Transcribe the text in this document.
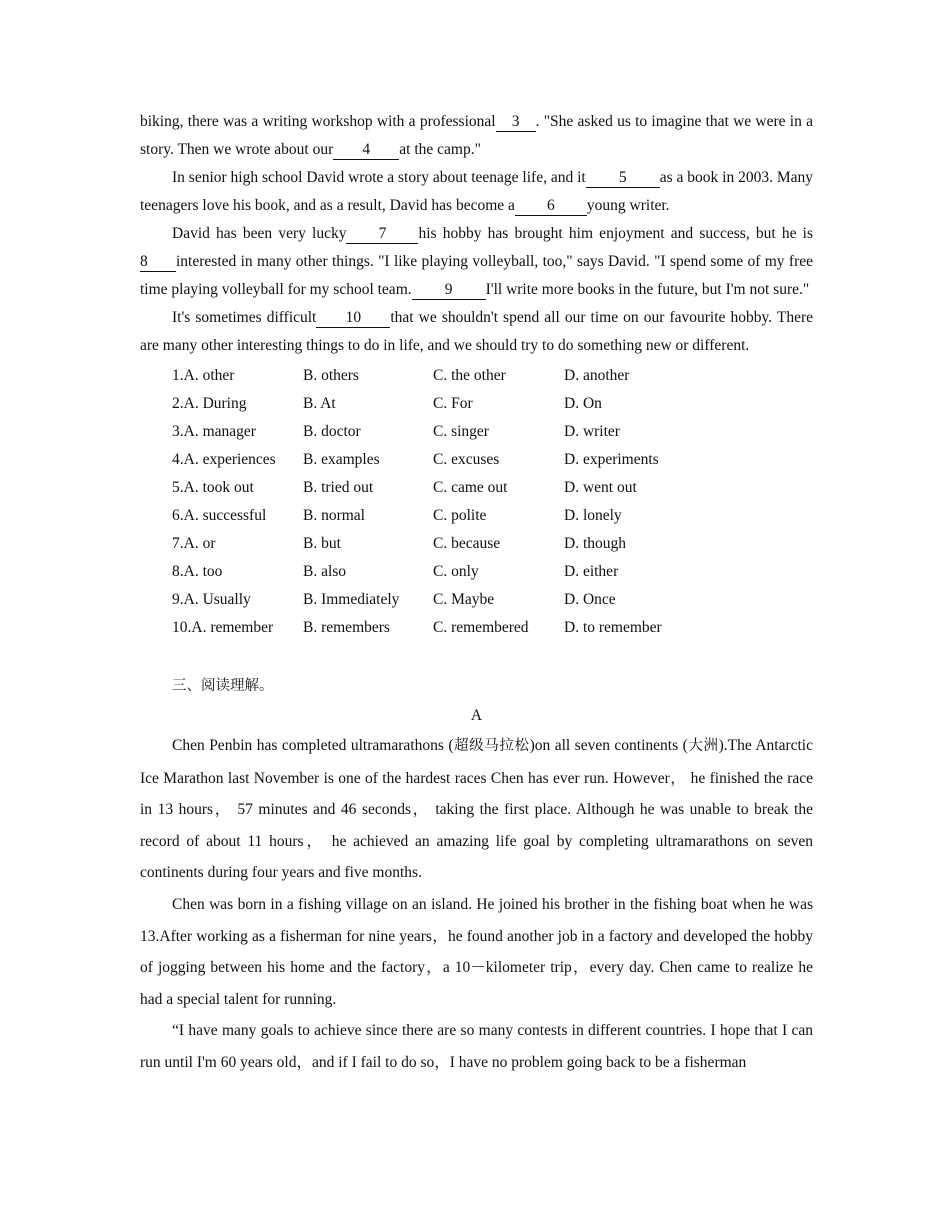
biking, there was a writing workshop with a professional 3 . "She asked us to imagine that we were in a story. Then we wrote about our 4 at the camp."

In senior high school David wrote a story about teenage life, and it 5 as a book in 2003. Many teenagers love his book, and as a result, David has become a 6 young writer.

David has been very lucky 7 his hobby has brought him enjoyment and success, but he is 8 interested in many other things. "I like playing volleyball, too," says David. "I spend some of my free time playing volleyball for my school team. 9 I'll write more books in the future, but I'm not sure."

It's sometimes difficult 10 that we shouldn't spend all our time on our favourite hobby. There are many other interesting things to do in life, and we should try to do something new or different.

1.A. other	B. others	C. the other	D. another
2.A. During	B. At	C. For	D. On
3.A. manager	B. doctor	C. singer	D. writer
4.A. experiences B. examples	C. excuses	D. experiments
5.A. took out	B. tried out	C. came out	D. went out
6.A. successful B. normal	C. polite	D. lonely
7.A. or	B. but	C. because	D. though
8.A. too	B. also	C. only	D. either
9.A. Usually	B. Immediately C. Maybe	D. Once
10.A. remember B. remembers	C. remembered D. to remember
三、阅读理解。
A

Chen Penbin has completed ultramarathons (超级马拉松)on all seven continents (大洲).The Antarctic Ice Marathon last November is one of the hardest races Chen has ever run. However， he finished the race in 13 hours， 57 minutes and 46 seconds， taking the first place. Although he was unable to break the record of about 11 hours， he achieved an amazing life goal by completing ultramarathons on seven continents during four years and five months.

Chen was born in a fishing village on an island. He joined his brother in the fishing boat when he was 13.After working as a fisherman for nine years，he found another job in a factory and developed the hobby of jogging between his home and the factory，a 10－kilometer trip，every day. Chen came to realize he had a special talent for running.

“I have many goals to achieve since there are so many contests in different countries. I hope that I can run until I'm 60 years old，and if I fail to do so，I have no problem going back to be a fisherman
